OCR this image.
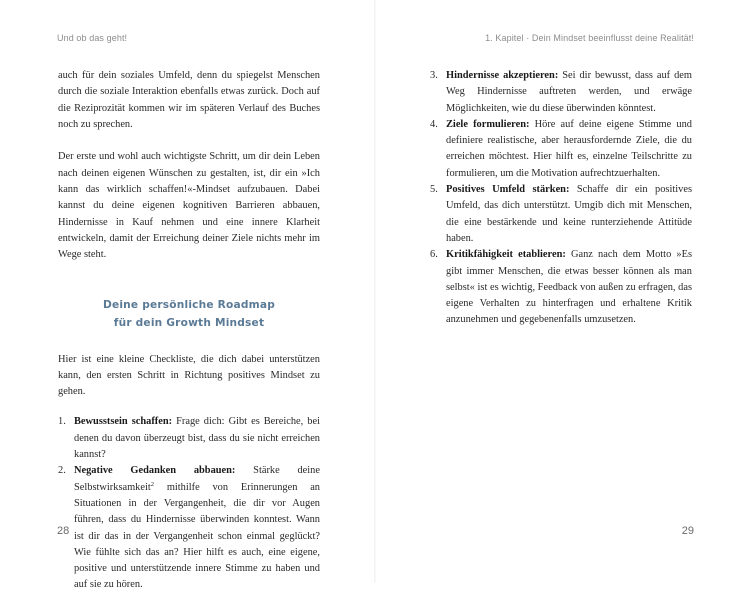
Und ob das geht!

auch für dein soziales Umfeld, denn du spiegelst Menschen durch die soziale Interaktion ebenfalls etwas zurück. Doch auf die Reziprozität kommen wir im späteren Verlauf des Buches noch zu sprechen.

Der erste und wohl auch wichtigste Schritt, um dir dein Leben nach deinen eigenen Wünschen zu gestalten, ist, dir ein »Ich kann das wirklich schaffen!«-Mindset aufzubauen. Dabei kannst du deine eigenen kognitiven Barrieren abbauen, Hindernisse in Kauf nehmen und eine innere Klarheit entwickeln, damit der Erreichung deiner Ziele nichts mehr im Wege steht.

Deine persönliche Roadmap
für dein Growth Mindset

Hier ist eine kleine Checkliste, die dich dabei unterstützen kann, den ersten Schritt in Richtung positives Mindset zu gehen.

1. Bewusstsein schaffen: Frage dich: Gibt es Bereiche, bei denen du davon überzeugt bist, dass du sie nicht erreichen kannst?
2. Negative Gedanken abbauen: Stärke deine Selbstwirksamkeit$^2$ mithilfe von Erinnerungen an Situationen in der Vergangenheit, die dir vor Augen führen, dass du Hindernisse überwinden konntest. Wann ist dir das in der Vergangenheit schon einmal geglückt? Wie fühlte sich das an? Hier hilft es auch, eine eigene, positive und unterstützende innere Stimme zu haben und auf sie zu hören.
28
1. Kapitel · Dein Mindset beeinflusst deine Realität!
3. Hindernisse akzeptieren: Sei dir bewusst, dass auf dem Weg Hindernisse auftreten werden, und erwäge Möglichkeiten, wie du diese überwinden könntest.
4. Ziele formulieren: Höre auf deine eigene Stimme und definiere realistische, aber herausfordernde Ziele, die du erreichen möchtest. Hier hilft es, einzelne Teilschritte zu formulieren, um die Motivation aufrechtzuerhalten.
5. Positives Umfeld stärken: Schaffe dir ein positives Umfeld, das dich unterstützt. Umgib dich mit Menschen, die eine bestärkende und keine runterziehende Attitüde haben.
6. Kritikfähigkeit etablieren: Ganz nach dem Motto »Es gibt immer Menschen, die etwas besser können als man selbst« ist es wichtig, Feedback von außen zu erfragen, das eigene Verhalten zu hinterfragen und erhaltene Kritik anzunehmen und gegebenenfalls umzusetzen.
29
